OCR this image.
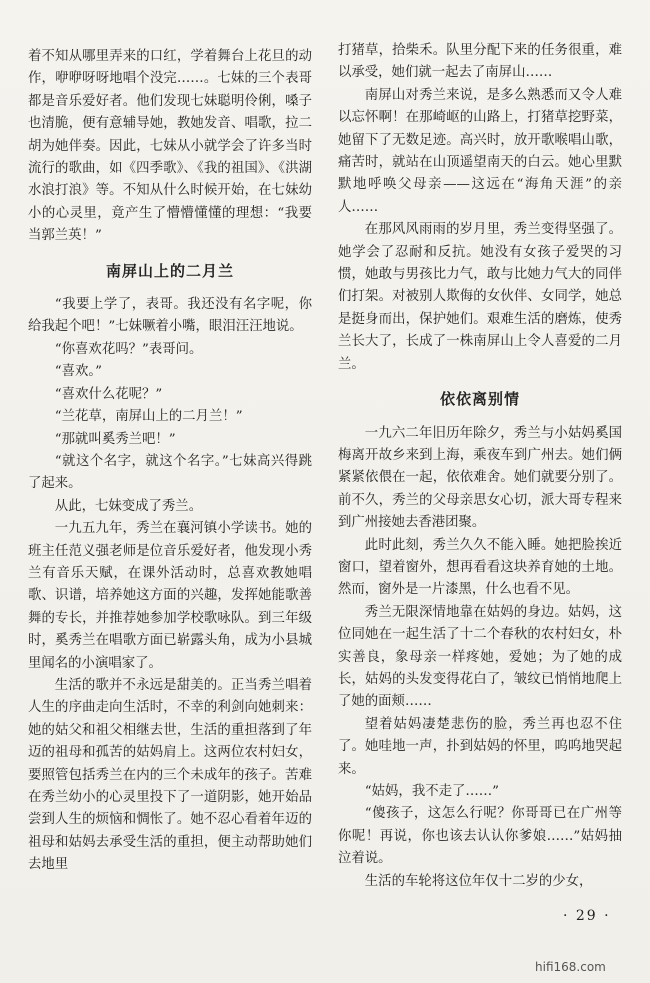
着不知从哪里弄来的口红，学着舞台上花旦的动作，咿咿呀呀地唱个没完……。七妹的三个表哥都是音乐爱好者。他们发现七妹聪明伶俐，嗓子也清脆，便有意辅导她，教她发音、唱歌，拉二胡为她伴奏。因此，七妹从小就学会了许多当时流行的歌曲，如《四季歌》、《我的祖国》、《洪湖水浪打浪》等。不知从什么时候开始，在七妹幼小的心灵里，竟产生了懵懵懂懂的理想：“我要当郭兰英！”

南屏山上的二月兰

“我要上学了，表哥。我还没有名字呢，你给我起个吧！”七妹噘着小嘴，眼泪汪汪地说。

“你喜欢花吗？”表哥问。

“喜欢。”

“喜欢什么花呢？”

“兰花草，南屏山上的二月兰！”

“那就叫奚秀兰吧！”

“就这个名字，就这个名字。”七妹高兴得跳了起来。

从此，七妹变成了秀兰。

一九五九年，秀兰在襄河镇小学读书。她的班主任范义强老师是位音乐爱好者，他发现小秀兰有音乐天赋，在课外活动时，总喜欢教她唱歌、识谱，培养她这方面的兴趣，发挥她能歌善舞的专长，并推荐她参加学校歌咏队。到三年级时，奚秀兰在唱歌方面已崭露头角，成为小县城里闻名的小演唱家了。

生活的歌并不永远是甜美的。正当秀兰唱着人生的序曲走向生活时，不幸的利剑向她刺来：她的姑父和祖父相继去世，生活的重担落到了年迈的祖母和孤苦的姑妈肩上。这两位农村妇女，要照管包括秀兰在内的三个未成年的孩子。苦难在秀兰幼小的心灵里投下了一道阴影，她开始品尝到人生的烦恼和惆怅了。她不忍心看着年迈的祖母和姑妈去承受生活的重担，便主动帮助她们去地里

打猪草，拾柴禾。队里分配下来的任务很重，难以承受，她们就一起去了南屏山……

南屏山对秀兰来说，是多么熟悉而又令人难以忘怀啊！在那崎岖的山路上，打猪草挖野菜，她留下了无数足迹。高兴时，放开歌喉唱山歌，痛苦时，就站在山顶遥望南天的白云。她心里默默地呼唤父母亲——这远在“海角天涯”的亲人……

在那风风雨雨的岁月里，秀兰变得坚强了。她学会了忍耐和反抗。她没有女孩子爱哭的习惯，她敢与男孩比力气，敢与比她力气大的同伴们打架。对被别人欺侮的女伙伴、女同学，她总是挺身而出，保护她们。艰难生活的磨炼，使秀兰长大了，长成了一株南屏山上令人喜爱的二月兰。

依依离别情

一九六二年旧历年除夕，秀兰与小姑妈奚国梅离开故乡来到上海，乘夜车到广州去。她们俩紧紧依偎在一起，依依难舍。她们就要分别了。前不久，秀兰的父母亲思女心切，派大哥专程来到广州接她去香港团聚。

此时此刻，秀兰久久不能入睡。她把脸挨近窗口，望着窗外，想再看看这块养育她的土地。然而，窗外是一片漆黑，什么也看不见。

秀兰无限深情地靠在姑妈的身边。姑妈，这位同她在一起生活了十二个春秋的农村妇女，朴实善良，象母亲一样疼她，爱她；为了她的成长，姑妈的头发变得花白了，皱纹已悄悄地爬上了她的面颊……

望着姑妈凄楚悲伤的脸，秀兰再也忍不住了。她哇地一声，扑到姑妈的怀里，呜呜地哭起来。

“姑妈，我不走了……”

“傻孩子，这怎么行呢？你哥哥已在广州等你呢！再说，你也该去认认你爹娘……”姑妈抽泣着说。

生活的车轮将这位年仅十二岁的少女，

· 29 ·
hifi168.com
